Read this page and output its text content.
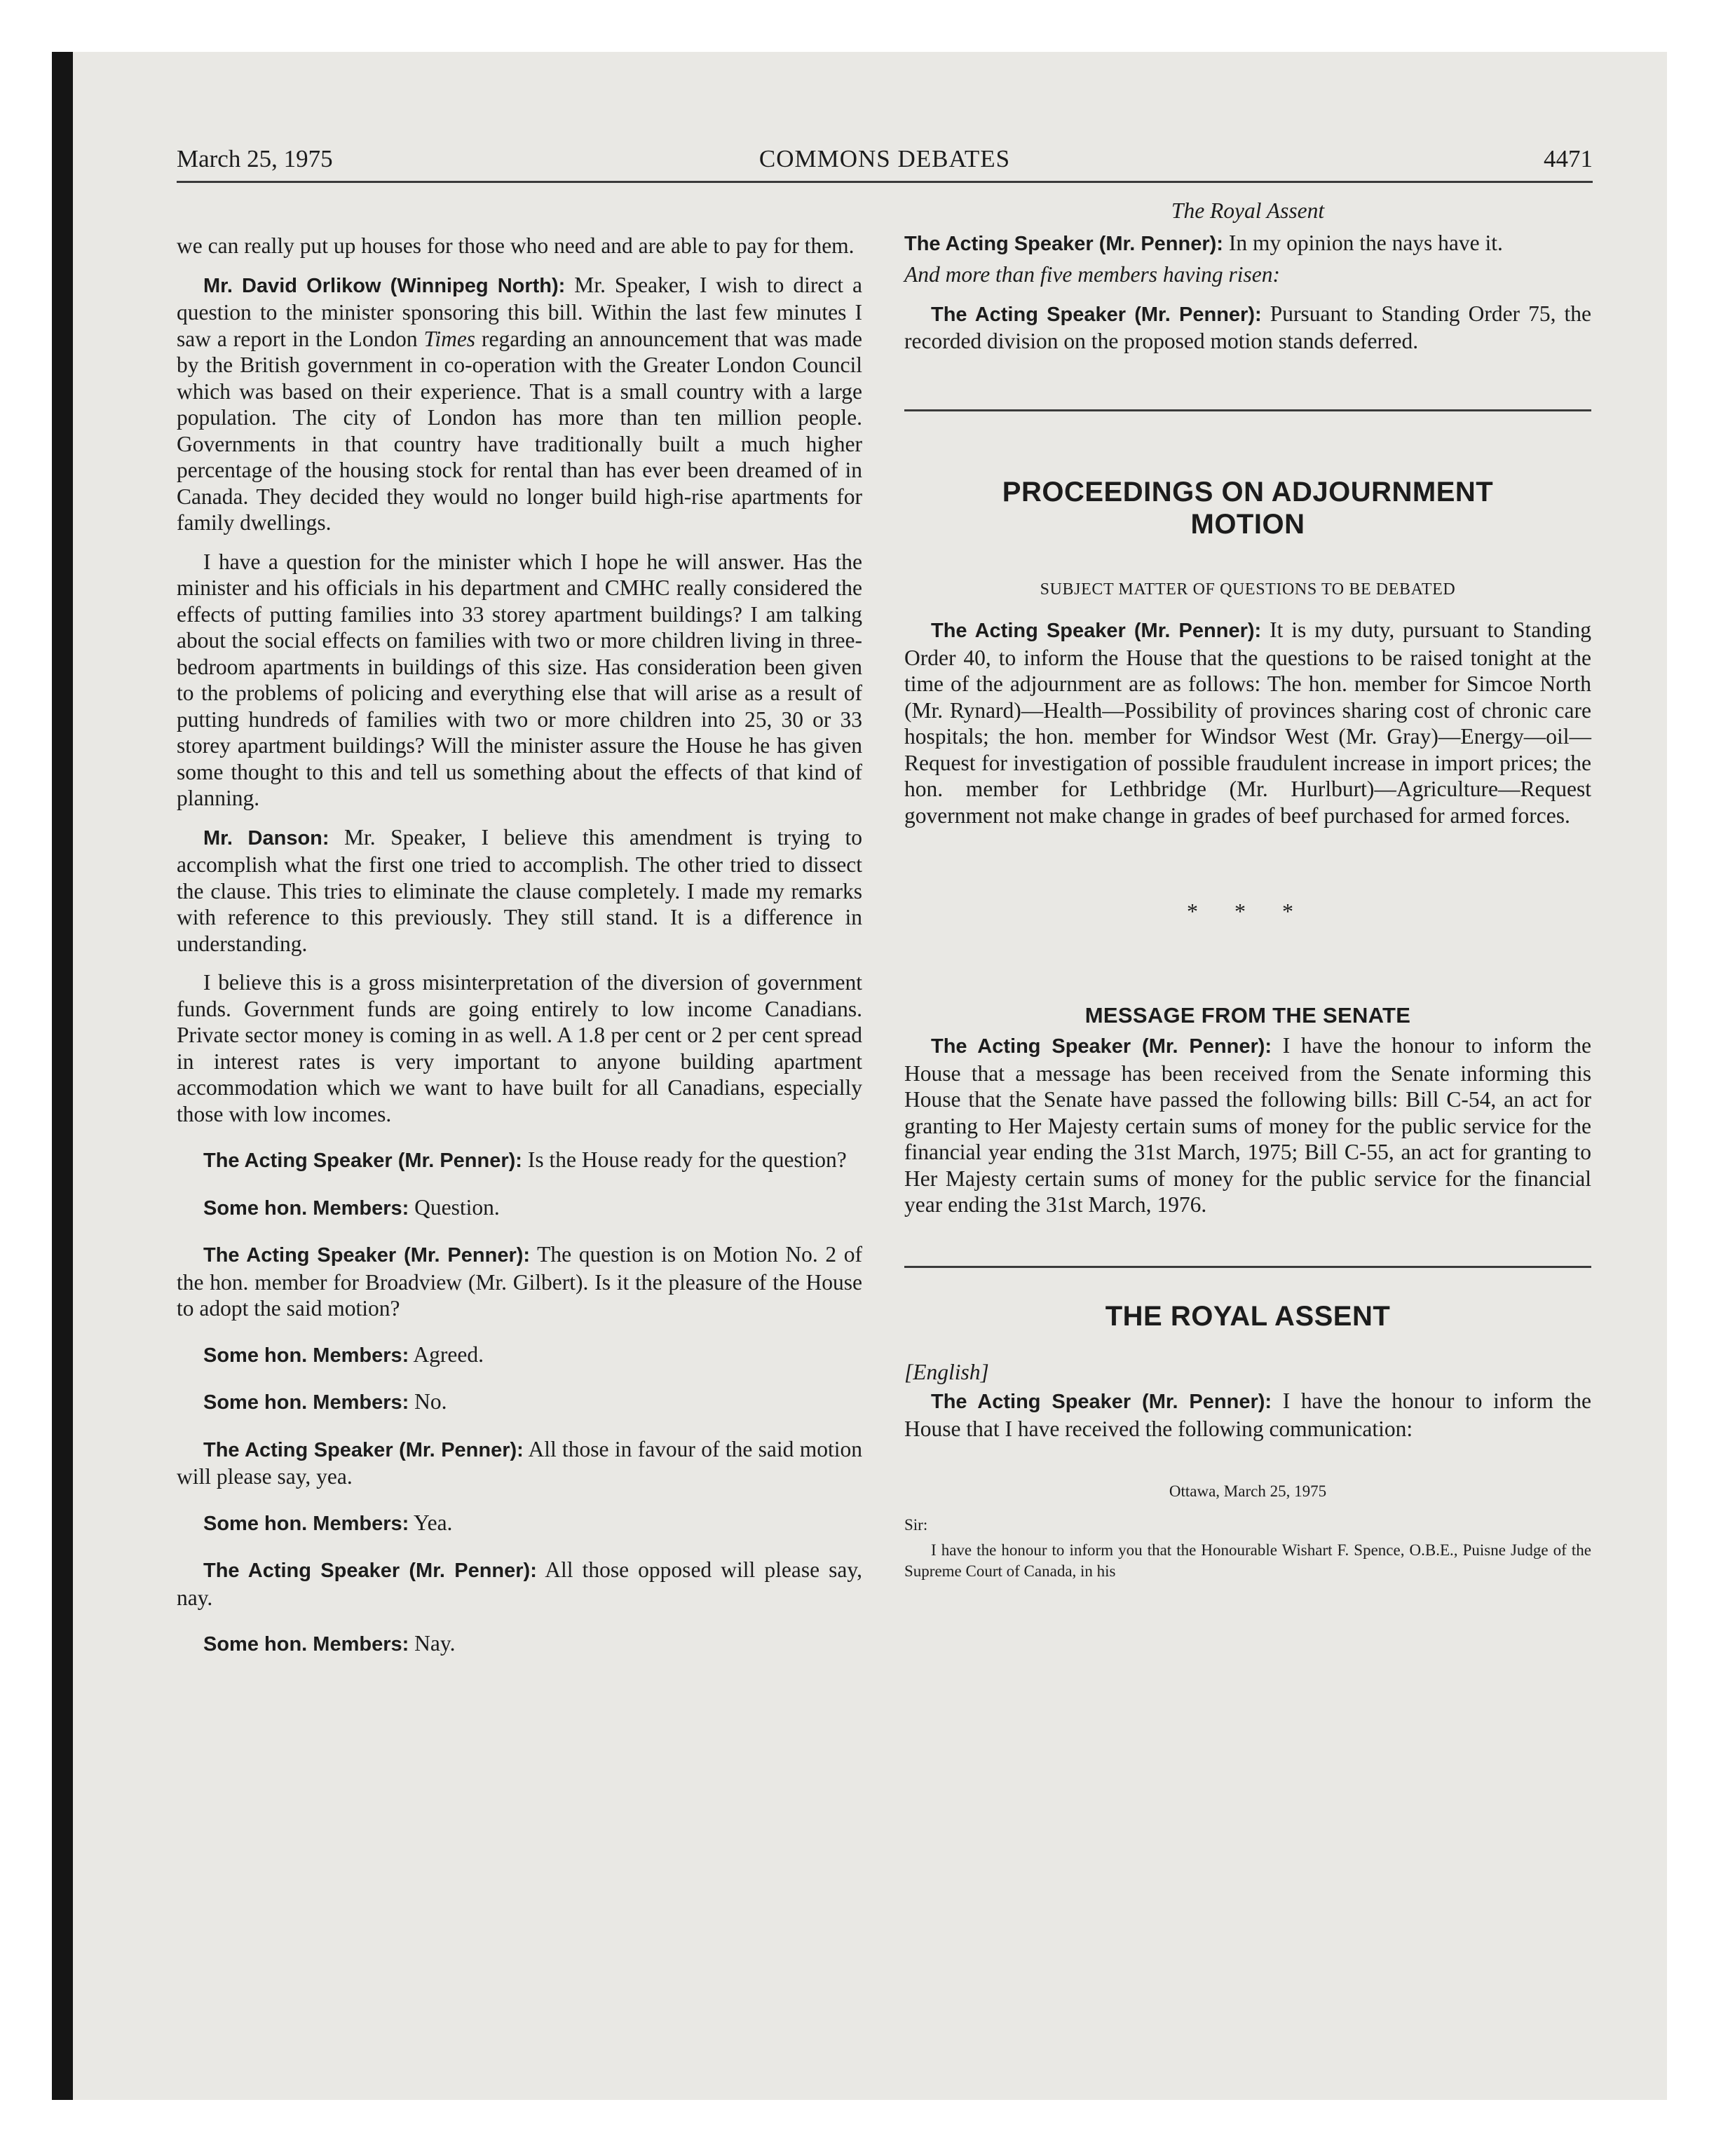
March 25, 1975	COMMONS DEBATES	4471

we can really put up houses for those who need and are able to pay for them.

Mr. David Orlikow (Winnipeg North): Mr. Speaker, I wish to direct a question to the minister sponsoring this bill. Within the last few minutes I saw a report in the London Times regarding an announcement that was made by the British government in co-operation with the Greater London Council which was based on their experience. That is a small country with a large population. The city of London has more than ten million people. Governments in that country have traditionally built a much higher percentage of the housing stock for rental than has ever been dreamed of in Canada. They decided they would no longer build high-rise apartments for family dwellings.

I have a question for the minister which I hope he will answer. Has the minister and his officials in his department and CMHC really considered the effects of putting families into 33 storey apartment buildings? I am talking about the social effects on families with two or more children living in three-bedroom apartments in buildings of this size. Has consideration been given to the problems of policing and everything else that will arise as a result of putting hundreds of families with two or more children into 25, 30 or 33 storey apartment buildings? Will the minister assure the House he has given some thought to this and tell us something about the effects of that kind of planning.

Mr. Danson: Mr. Speaker, I believe this amendment is trying to accomplish what the first one tried to accomplish. The other tried to dissect the clause. This tries to eliminate the clause completely. I made my remarks with reference to this previously. They still stand. It is a difference in understanding.

I believe this is a gross misinterpretation of the diversion of government funds. Government funds are going entirely to low income Canadians. Private sector money is coming in as well. A 1.8 per cent or 2 per cent spread in interest rates is very important to anyone building apartment accommodation which we want to have built for all Canadians, especially those with low incomes.

The Acting Speaker (Mr. Penner): Is the House ready for the question?

Some hon. Members: Question.

The Acting Speaker (Mr. Penner): The question is on Motion No. 2 of the hon. member for Broadview (Mr. Gilbert). Is it the pleasure of the House to adopt the said motion?

Some hon. Members: Agreed.

Some hon. Members: No.

The Acting Speaker (Mr. Penner): All those in favour of the said motion will please say, yea.

Some hon. Members: Yea.

The Acting Speaker (Mr. Penner): All those opposed will please say, nay.

Some hon. Members: Nay.

The Royal Assent

The Acting Speaker (Mr. Penner): In my opinion the nays have it.

And more than five members having risen:

The Acting Speaker (Mr. Penner): Pursuant to Standing Order 75, the recorded division on the proposed motion stands deferred.

PROCEEDINGS ON ADJOURNMENT
MOTION
SUBJECT MATTER OF QUESTIONS TO BE DEBATED

The Acting Speaker (Mr. Penner): It is my duty, pursuant to Standing Order 40, to inform the House that the questions to be raised tonight at the time of the adjournment are as follows: The hon. member for Simcoe North (Mr. Rynard)—Health—Possibility of provinces sharing cost of chronic care hospitals; the hon. member for Windsor West (Mr. Gray)—Energy—oil—Request for investigation of possible fraudulent increase in import prices; the hon. member for Lethbridge (Mr. Hurlburt)—Agriculture—Request government not make change in grades of beef purchased for armed forces.

* * *
MESSAGE FROM THE SENATE

The Acting Speaker (Mr. Penner): I have the honour to inform the House that a message has been received from the Senate informing this House that the Senate have passed the following bills: Bill C-54, an act for granting to Her Majesty certain sums of money for the public service for the financial year ending the 31st March, 1975; Bill C-55, an act for granting to Her Majesty certain sums of money for the public service for the financial year ending the 31st March, 1976.

THE ROYAL ASSENT

[English]

The Acting Speaker (Mr. Penner): I have the honour to inform the House that I have received the following communication:

Ottawa, March 25, 1975
Sir:
I have the honour to inform you that the Honourable Wishart F. Spence, O.B.E., Puisne Judge of the Supreme Court of Canada, in his
